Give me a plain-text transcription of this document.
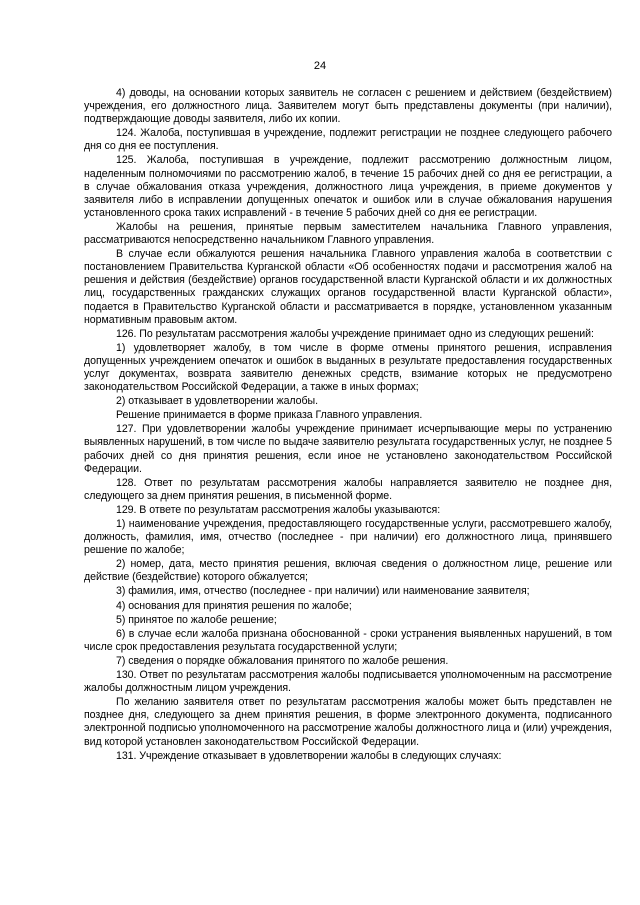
24

4) доводы, на основании которых заявитель не согласен с решением и действием (бездействием) учреждения, его должностного лица. Заявителем могут быть представлены документы (при наличии), подтверждающие доводы заявителя, либо их копии.

124. Жалоба, поступившая в учреждение, подлежит регистрации не позднее следующего рабочего дня со дня ее поступления.

125. Жалоба, поступившая в учреждение, подлежит рассмотрению должностным лицом, наделенным полномочиями по рассмотрению жалоб, в течение 15 рабочих дней со дня ее регистрации, а в случае обжалования отказа учреждения, должностного лица учреждения, в приеме документов у заявителя либо в исправлении допущенных опечаток и ошибок или в случае обжалования нарушения установленного срока таких исправлений - в течение 5 рабочих дней со дня ее регистрации.

Жалобы на решения, принятые первым заместителем начальника Главного управления, рассматриваются непосредственно начальником Главного управления.

В случае если обжалуются решения начальника Главного управления жалоба в соответствии с постановлением Правительства Курганской области «Об особенностях подачи и рассмотрения жалоб на решения и действия (бездействие) органов государственной власти Курганской области и их должностных лиц, государственных гражданских служащих органов государственной власти Курганской области», подается в Правительство Курганской области и рассматривается в порядке, установленном указанным нормативным правовым актом.

126. По результатам рассмотрения жалобы учреждение принимает одно из следующих решений:

1) удовлетворяет жалобу, в том числе в форме отмены принятого решения, исправления допущенных учреждением опечаток и ошибок в выданных в результате предоставления государственных услуг документах, возврата заявителю денежных средств, взимание которых не предусмотрено законодательством Российской Федерации, а также в иных формах;

2) отказывает в удовлетворении жалобы.

Решение принимается в форме приказа Главного управления.

127. При удовлетворении жалобы учреждение принимает исчерпывающие меры по устранению выявленных нарушений, в том числе по выдаче заявителю результата государственных услуг, не позднее 5 рабочих дней со дня принятия решения, если иное не установлено законодательством Российской Федерации.

128. Ответ по результатам рассмотрения жалобы направляется заявителю не позднее дня, следующего за днем принятия решения, в письменной форме.

129. В ответе по результатам рассмотрения жалобы указываются:

1) наименование учреждения, предоставляющего государственные услуги, рассмотревшего жалобу, должность, фамилия, имя, отчество (последнее - при наличии) его должностного лица, принявшего решение по жалобе;

2) номер, дата, место принятия решения, включая сведения о должностном лице, решение или действие (бездействие) которого обжалуется;

3) фамилия, имя, отчество (последнее - при наличии) или наименование заявителя;

4) основания для принятия решения по жалобе;

5) принятое по жалобе решение;

6) в случае если жалоба признана обоснованной - сроки устранения выявленных нарушений, в том числе срок предоставления результата государственной услуги;

7) сведения о порядке обжалования принятого по жалобе решения.

130. Ответ по результатам рассмотрения жалобы подписывается уполномоченным на рассмотрение жалобы должностным лицом учреждения.

По желанию заявителя ответ по результатам рассмотрения жалобы может быть представлен не позднее дня, следующего за днем принятия решения, в форме электронного документа, подписанного электронной подписью уполномоченного на рассмотрение жалобы должностного лица и (или) учреждения, вид которой установлен законодательством Российской Федерации.

131. Учреждение отказывает в удовлетворении жалобы в следующих случаях:
